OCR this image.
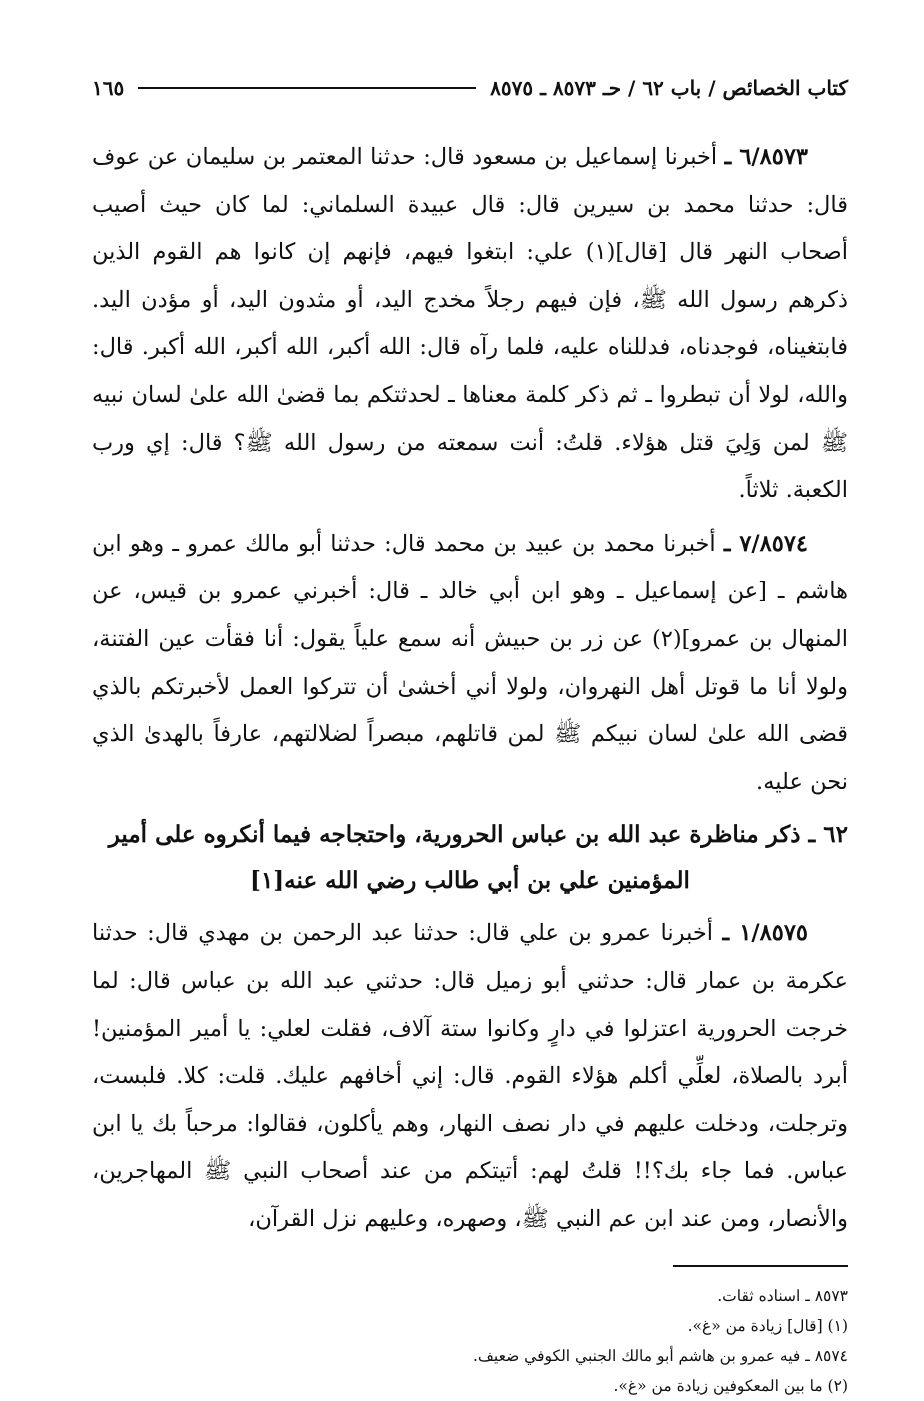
كتاب الخصائص / باب ٦٢ / حـ ٨٥٧٣ ـ ٨٥٧٥
١٦٥

٦/٨٥٧٣ ـ أخبرنا إسماعيل بن مسعود قال: حدثنا المعتمر بن سليمان عن عوف قال: حدثنا محمد بن سيرين قال: قال عبيدة السلماني: لما كان حيث أصيب أصحاب النهر قال [قال](١) علي: ابتغوا فيهم، فإنهم إن كانوا هم القوم الذين ذكرهم رسول الله ﷺ، فإن فيهم رجلاً مخدج اليد، أو مثدون اليد، أو مؤدن اليد. فابتغيناه، فوجدناه، فدللناه عليه، فلما رآه قال: الله أكبر، الله أكبر، الله أكبر. قال: والله، لولا أن تبطروا ـ ثم ذكر كلمة معناها ـ لحدثتكم بما قضىٰ الله علىٰ لسان نبيه ﷺ لمن وَلِيَ قتل هؤلاء. قلتُ: أنت سمعته من رسول الله ﷺ؟ قال: إي ورب الكعبة. ثلاثاً.

٧/٨٥٧٤ ـ أخبرنا محمد بن عبيد بن محمد قال: حدثنا أبو مالك عمرو ـ وهو ابن هاشم ـ [عن إسماعيل ـ وهو ابن أبي خالد ـ قال: أخبرني عمرو بن قيس، عن المنهال بن عمرو](٢) عن زر بن حبيش أنه سمع علياً يقول: أنا فقأت عين الفتنة، ولولا أنا ما قوتل أهل النهروان، ولولا أني أخشىٰ أن تتركوا العمل لأخبرتكم بالذي قضى الله علىٰ لسان نبيكم ﷺ لمن قاتلهم، مبصراً لضلالتهم، عارفاً بالهدىٰ الذي نحن عليه.

٦٢ ـ ذكر مناظرة عبد الله بن عباس الحرورية، واحتجاجه فيما أنكروه على أمير
المؤمنين علي بن أبي طالب رضي الله عنه[١]

١/٨٥٧٥ ـ أخبرنا عمرو بن علي قال: حدثنا عبد الرحمن بن مهدي قال: حدثنا عكرمة بن عمار قال: حدثني أبو زميل قال: حدثني عبد الله بن عباس قال: لما خرجت الحرورية اعتزلوا في دارٍ وكانوا ستة آلاف، فقلت لعلي: يا أمير المؤمنين! أبرد بالصلاة، لعلِّي أكلم هؤلاء القوم. قال: إني أخافهم عليك. قلت: كلا. فلبست، وترجلت، ودخلت عليهم في دار نصف النهار، وهم يأكلون، فقالوا: مرحباً بك يا ابن عباس. فما جاء بك؟!! قلتُ لهم: أتيتكم من عند أصحاب النبي ﷺ المهاجرين، والأنصار، ومن عند ابن عم النبي ﷺ، وصهره، وعليهم نزل القرآن،

٨٥٧٣ ـ اسناده ثقات.
(١) [قال] زيادة من «غ».
٨٥٧٤ ـ فيه عمرو بن هاشم أبو مالك الجنبي الكوفي ضعيف.
(٢) ما بين المعكوفين زيادة من «غ».
